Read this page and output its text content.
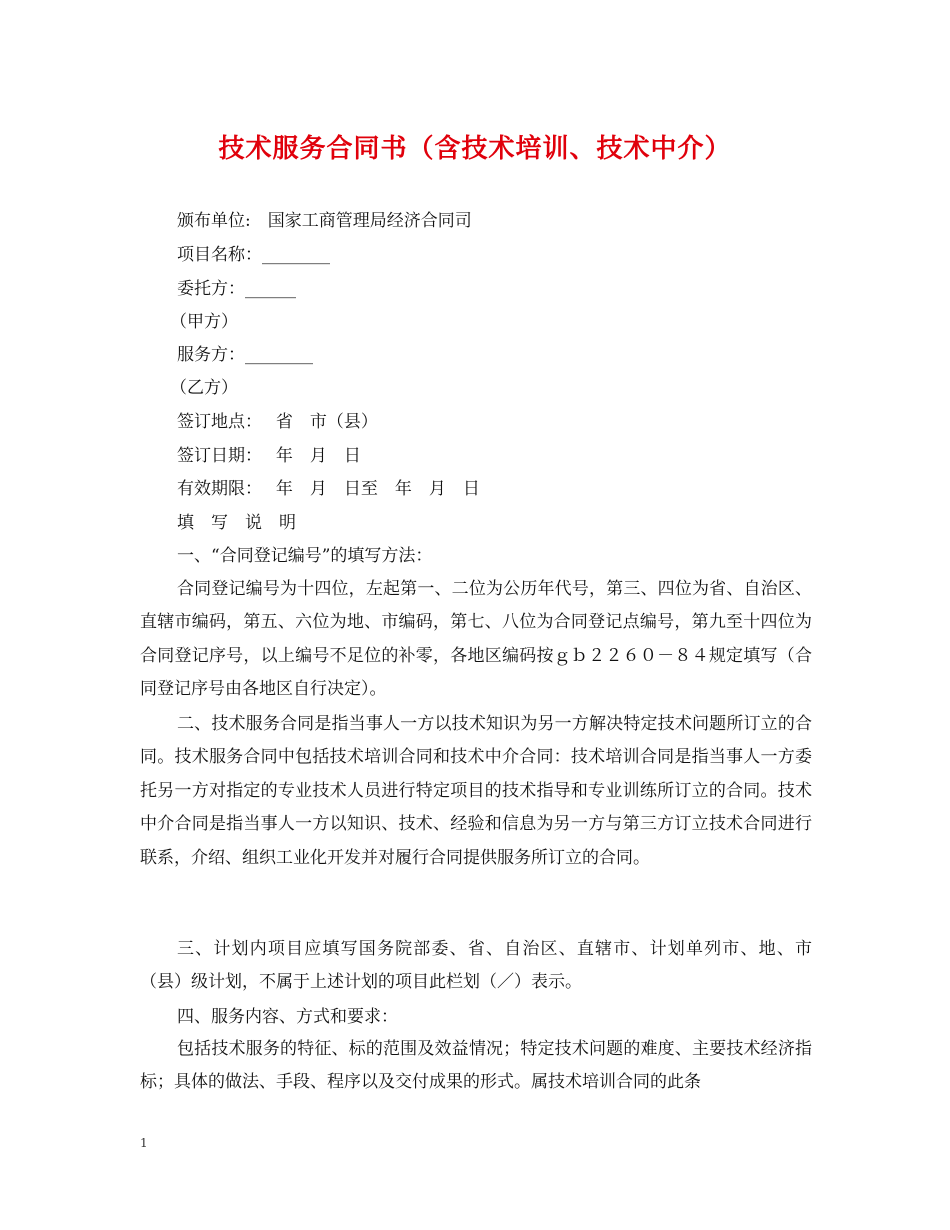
技术服务合同书（含技术培训、技术中介）
颁布单位:　国家工商管理局经济合同司
项目名称：________
委托方：______
（甲方）
服务方：________
（乙方）
签订地点：　 省　市（县）
签订日期：　 年　月　日
有效期限：　 年　月　日至　年　月　日
填　写　说　明
一、“合同登记编号”的填写方法：
合同登记编号为十四位，左起第一、二位为公历年代号，第三、四位为省、自治区、直辖市编码，第五、六位为地、市编码，第七、八位为合同登记点编号，第九至十四位为合同登记序号，以上编号不足位的补零，各地区编码按ｇｂ２２６０－８４规定填写（合同登记序号由各地区自行决定）。
二、技术服务合同是指当事人一方以技术知识为另一方解决特定技术问题所订立的合同。技术服务合同中包括技术培训合同和技术中介合同：技术培训合同是指当事人一方委托另一方对指定的专业技术人员进行特定项目的技术指导和专业训练所订立的合同。技术中介合同是指当事人一方以知识、技术、经验和信息为另一方与第三方订立技术合同进行联系，介绍、组织工业化开发并对履行合同提供服务所订立的合同。
三、计划内项目应填写国务院部委、省、自治区、直辖市、计划单列市、地、市（县）级计划，不属于上述计划的项目此栏划（／）表示。
四、服务内容、方式和要求：
包括技术服务的特征、标的范围及效益情况；特定技术问题的难度、主要技术经济指标；具体的做法、手段、程序以及交付成果的形式。属技术培训合同的此条
1
